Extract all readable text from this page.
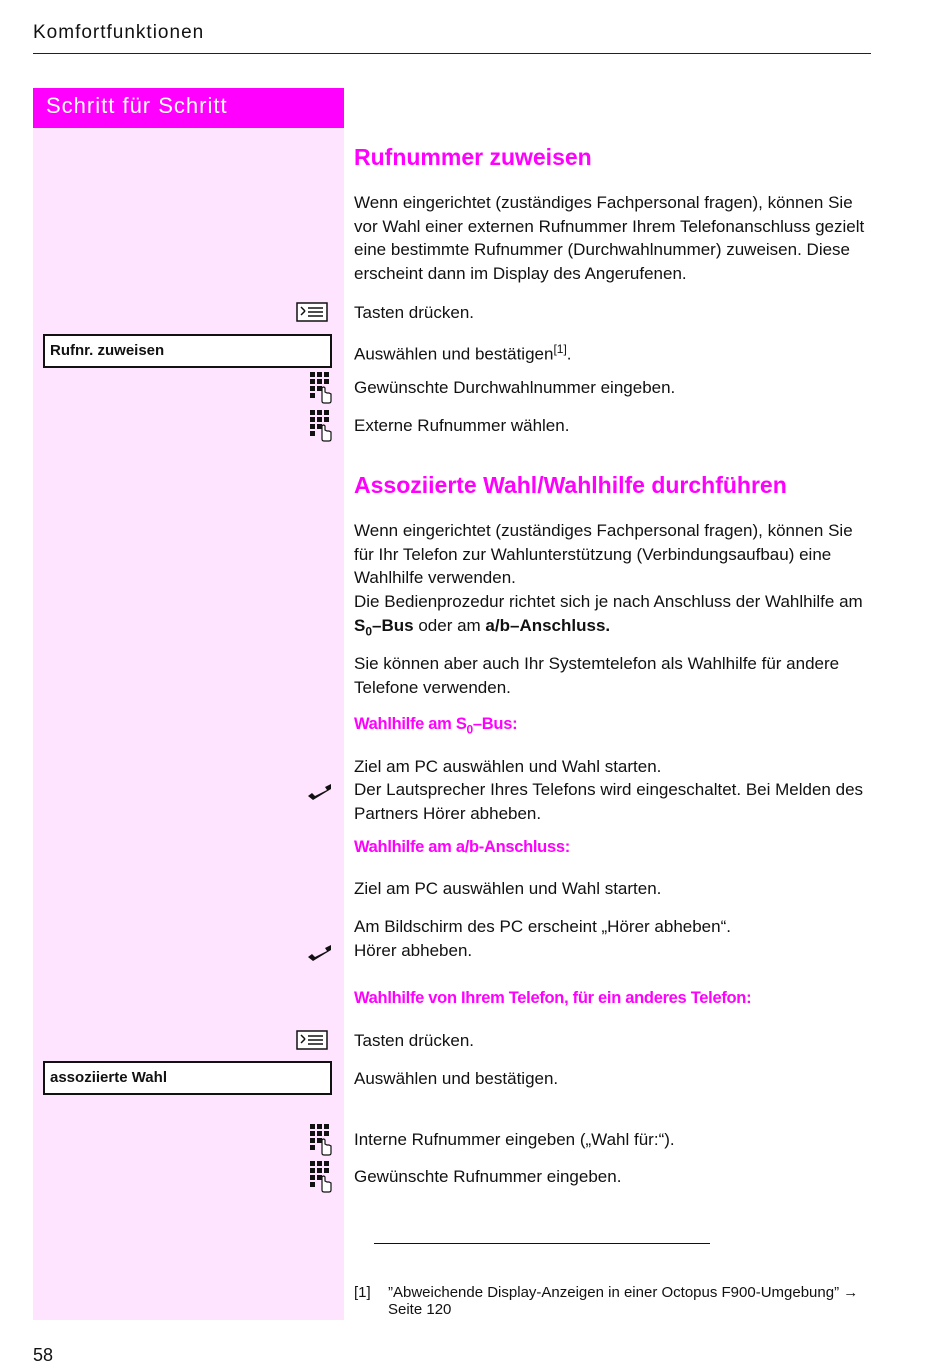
Komfortfunktionen
Schritt für Schritt
Rufnummer zuweisen
Wenn eingerichtet (zuständiges Fachpersonal fragen), können Sie vor Wahl einer externen Rufnummer Ihrem Telefonanschluss gezielt eine bestimmte Rufnummer (Durchwahlnummer) zuweisen. Diese erscheint dann im Display des Angerufenen.
Tasten drücken.
Rufnr. zuweisen	Auswählen und bestätigen[1].
Gewünschte Durchwahlnummer eingeben.
Externe Rufnummer wählen.
Assoziierte Wahl/Wahlhilfe durchführen
Wenn eingerichtet (zuständiges Fachpersonal fragen), können Sie für Ihr Telefon zur Wahlunterstützung (Verbindungsaufbau) eine Wahlhilfe verwenden.
Die Bedienprozedur richtet sich je nach Anschluss der Wahlhilfe am $S_0$–Bus oder am a/b–Anschluss.
Sie können aber auch Ihr Systemtelefon als Wahlhilfe für andere Telefone verwenden.
Wahlhilfe am $S_0$–Bus:
Ziel am PC auswählen und Wahl starten.
Der Lautsprecher Ihres Telefons wird eingeschaltet. Bei Melden des Partners Hörer abheben.
Wahlhilfe am a/b-Anschluss:
Ziel am PC auswählen und Wahl starten.
Am Bildschirm des PC erscheint „Hörer abheben“.
Hörer abheben.
Wahlhilfe von Ihrem Telefon, für ein anderes Telefon:
Tasten drücken.
assoziierte Wahl	Auswählen und bestätigen.
Interne Rufnummer eingeben („Wahl für:“).
Gewünschte Rufnummer eingeben.
[1] ”Abweichende Display-Anzeigen in einer Octopus F900-Umgebung” → Seite 120
58
